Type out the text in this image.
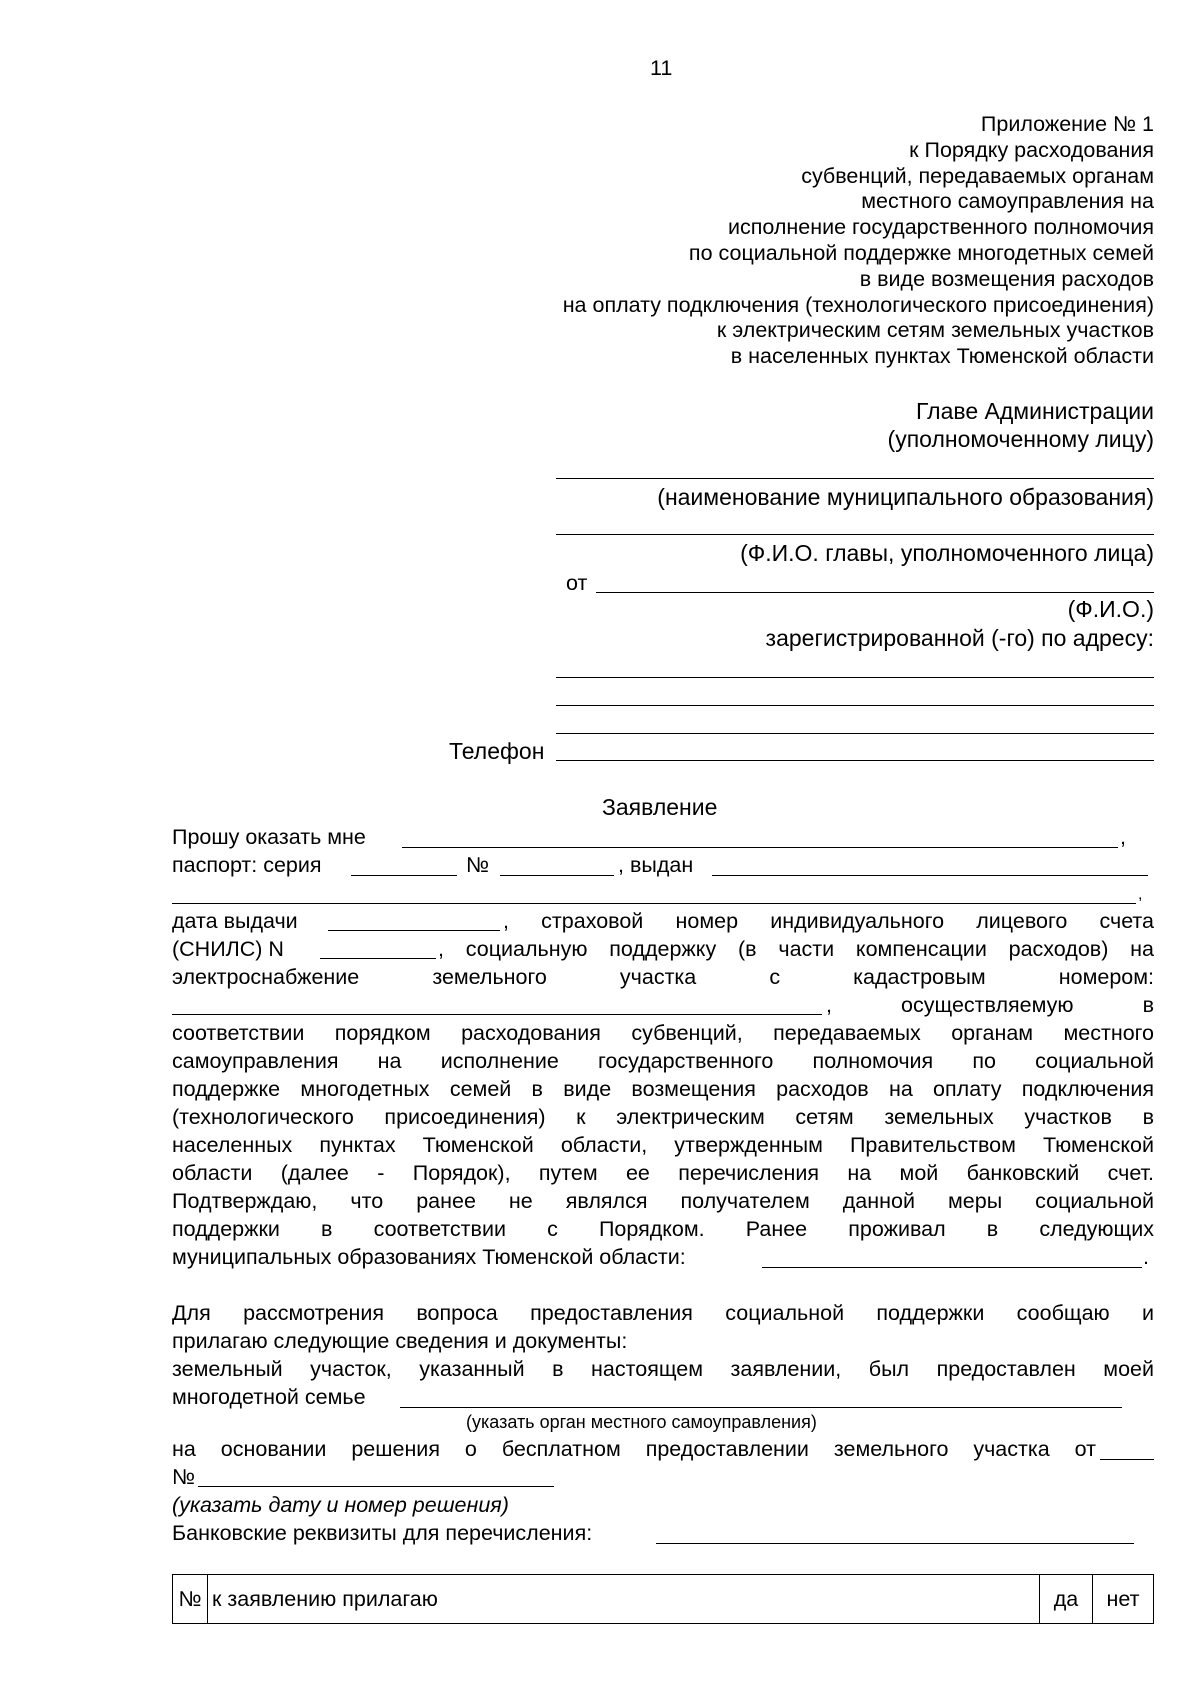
11
Приложение № 1
к Порядку расходования
субвенций, передаваемых органам
местного самоуправления на
исполнение государственного полномочия
по социальной поддержке многодетных семей
в виде возмещения расходов
на оплату подключения (технологического присоединения)
к электрическим сетям земельных участков
в населенных пунктах Тюменской области
Главе Администрации
(уполномоченному лицу)
(наименование муниципального образования)
(Ф.И.О. главы, уполномоченного лица)
от
(Ф.И.О.)
зарегистрированной (-го) по адресу:
Телефон
Заявление
Прошу оказать мне	,
паспорт: серия	№	, выдан
,
дата выдачи	, страховой номер индивидуального лицевого счета
(СНИЛС) N	, социальную поддержку (в части компенсации расходов) на
электроснабжение земельного участка с кадастровым номером:
, осуществляемую в
соответствии порядком расходования субвенций, передаваемых органам местного
самоуправления на исполнение государственного полномочия по социальной
поддержке многодетных семей в виде возмещения расходов на оплату подключения
(технологического присоединения) к электрическим сетям земельных участков в
населенных пунктах Тюменской области, утвержденным Правительством Тюменской
области (далее - Порядок), путем ее перечисления на мой банковский счет.
Подтверждаю, что ранее не являлся получателем данной меры социальной
поддержки в соответствии с Порядком. Ранее проживал в следующих
муниципальных образованиях Тюменской области:	.
Для рассмотрения вопроса предоставления социальной поддержки сообщаю и
прилагаю следующие сведения и документы:
земельный участок, указанный в настоящем заявлении, был предоставлен моей
многодетной семье
(указать орган местного самоуправления)
на основании решения о бесплатном предоставлении земельного участка от
№
(указать дату и номер решения)
Банковские реквизиты для перечисления:
№	к заявлению прилагаю	да	нет
